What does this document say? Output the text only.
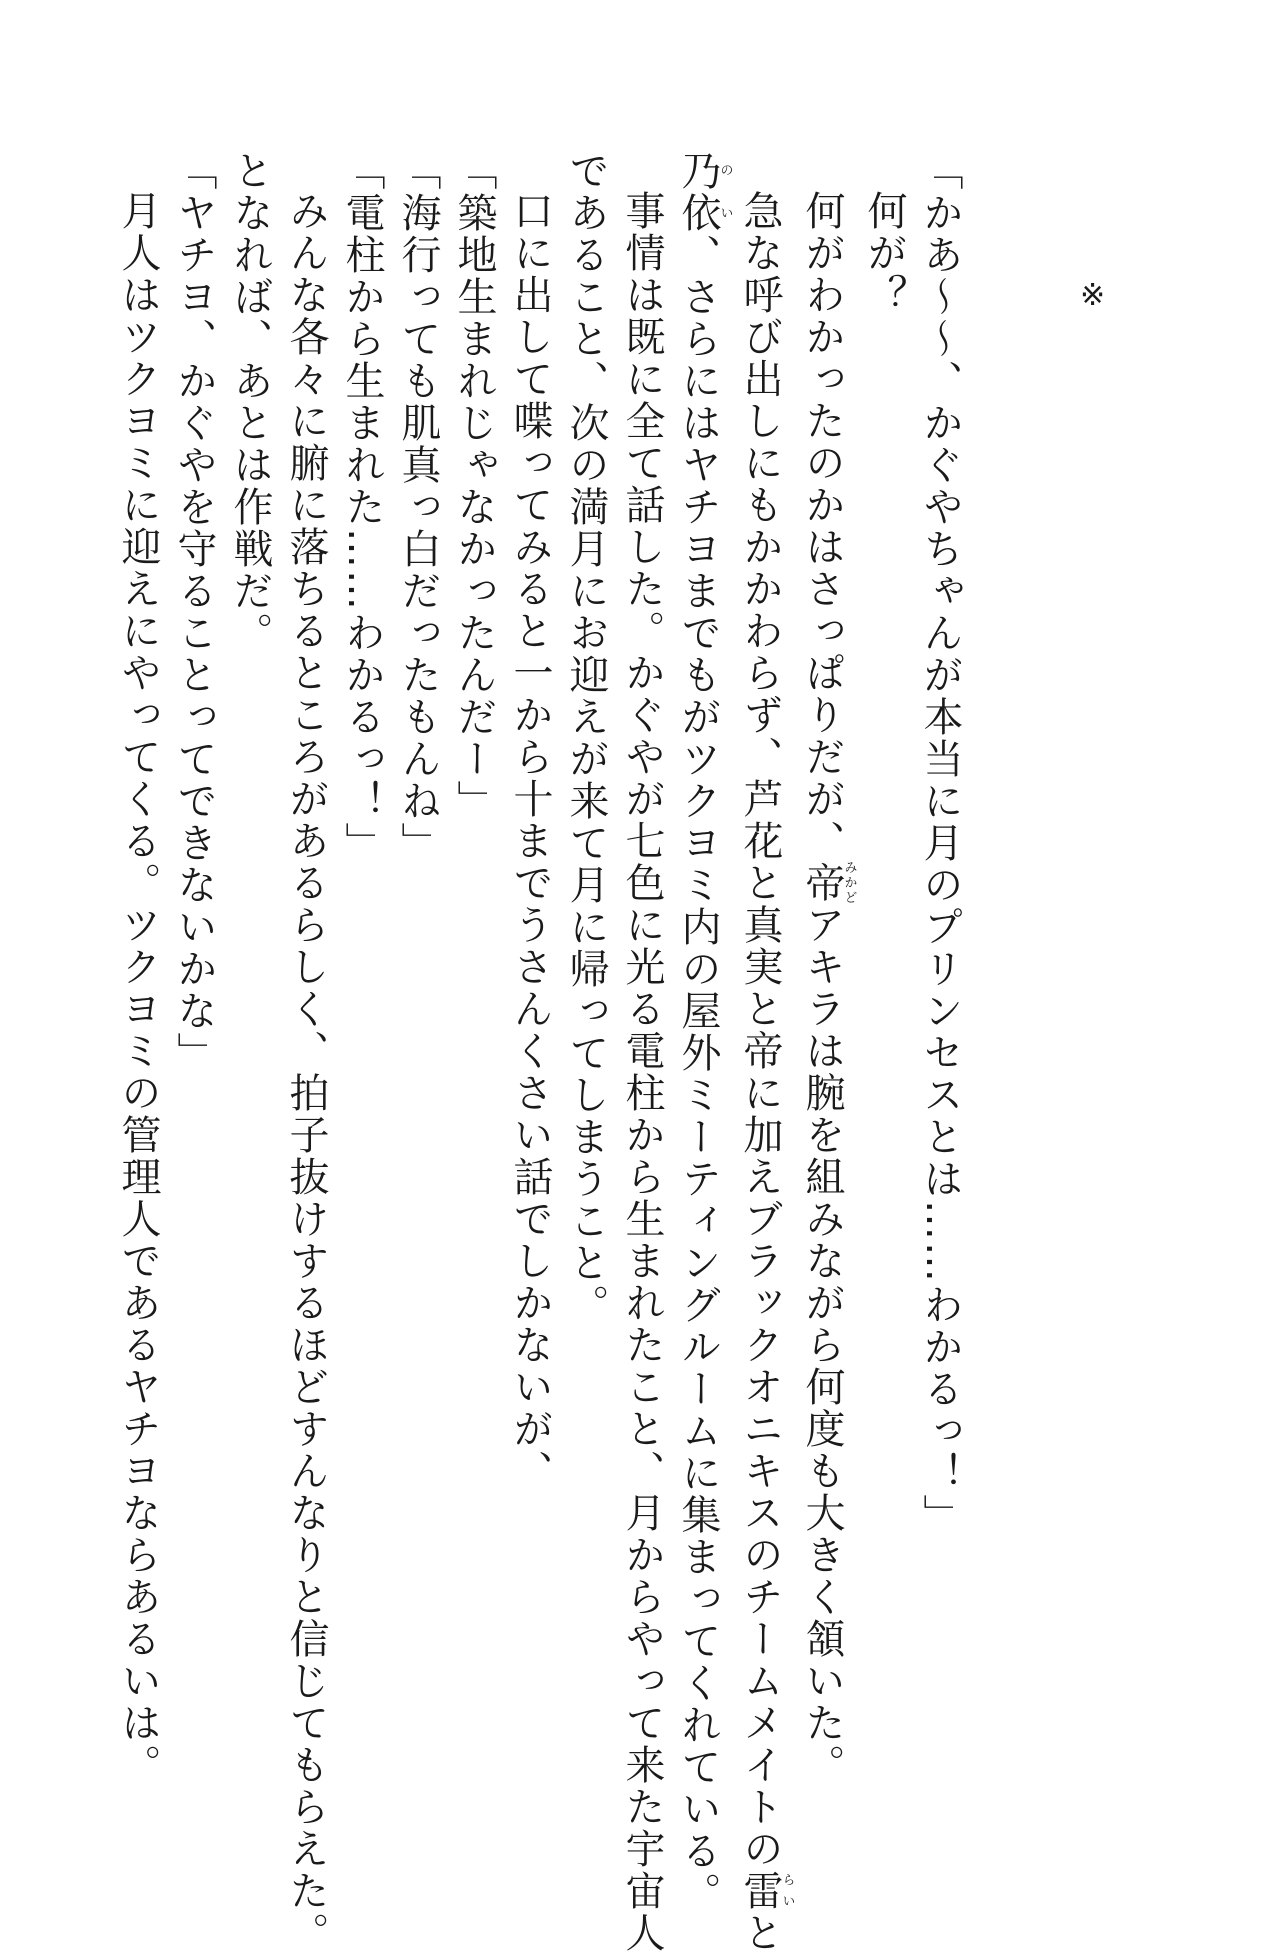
※

「かあ〜〜、かぐやちゃんが本当に月のプリンセスとは……わかるっ！」

何が？

何がわかったのかはさっぱりだが、帝みかどアキラは腕を組みながら何度も大きく頷いた。

急な呼び出しにもかかわらず、芦花と真実と帝に加えブラックオニキスのチームメイトの雷らいと

乃依のい、さらにはヤチヨまでもがツクヨミ内の屋外ミーティングルームに集まってくれている。

事情は既に全て話した。かぐやが七色に光る電柱から生まれたこと、月からやって来た宇宙人

であること、次の満月にお迎えが来て月に帰ってしまうこと。

口に出して喋ってみると一から十までうさんくさい話でしかないが、

「築地生まれじゃなかったんだー」

「海行っても肌真っ白だったもんね」

「電柱から生まれた……わかるっ！」

みんな各々に腑に落ちるところがあるらしく、拍子抜けするほどすんなりと信じてもらえた。

となれば、あとは作戦だ。

「ヤチヨ、かぐやを守ることってできないかな」

月人はツクヨミに迎えにやってくる。ツクヨミの管理人であるヤチヨならあるいは。
